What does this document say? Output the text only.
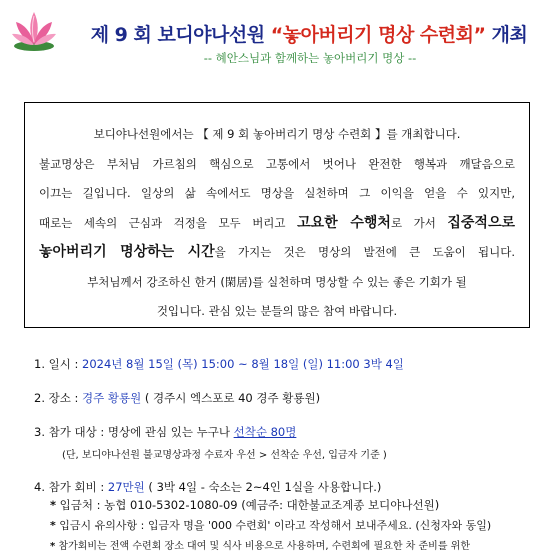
제 9 회 보디야나선원 “놓아버리기 명상 수련회” 개최
-- 혜안스님과 함께하는 놓아버리기 명상 --

보디야나선원에서는 【 제 9 회 놓아버리기 명상 수련회 】를 개최합니다.

불교명상은 부처님 가르침의 핵심으로 고통에서 벗어나 완전한 행복과 깨달음으로

이끄는 길입니다. 일상의 삶 속에서도 명상을 실천하며 그 이익을 얻을 수 있지만,

때로는 세속의 근심과 걱정을 모두 버리고 고요한 수행처로 가서 집중적으로

놓아버리기 명상하는 시간을 가지는 것은 명상의 발전에 큰 도움이 됩니다.

부처님께서 강조하신 한거 (閑居)를 실천하며 명상할 수 있는 좋은 기회가 될

것입니다. 관심 있는 분들의 많은 참여 바랍니다.

1. 일시 : 2024년 8월 15일 (목) 15:00 ~ 8월 18일 (일) 11:00 3박 4일
2. 장소 : 경주 황룡원 ( 경주시 엑스포로 40 경주 황룡원)
3. 참가 대상 : 명상에 관심 있는 누구나 선착순 80명
(단, 보디야나선원 불교명상과정 수료자 우선 > 선착순 우선, 입금자 기준 )
4. 참가 회비 : 27만원 ( 3박 4일 - 숙소는 2~4인 1실을 사용합니다.)
* 입금처 : 농협 010-5302-1080-09 (예금주: 대한불교조계종 보디야나선원)
* 입금시 유의사항 : 입금자 명을 '000 수련회' 이라고 작성해서 보내주세요. (신청자와 동일)
* 참가회비는 전액 수련회 장소 대여 및 식사 비용으로 사용하며, 수련회에 필요한 차 준비를 위한
